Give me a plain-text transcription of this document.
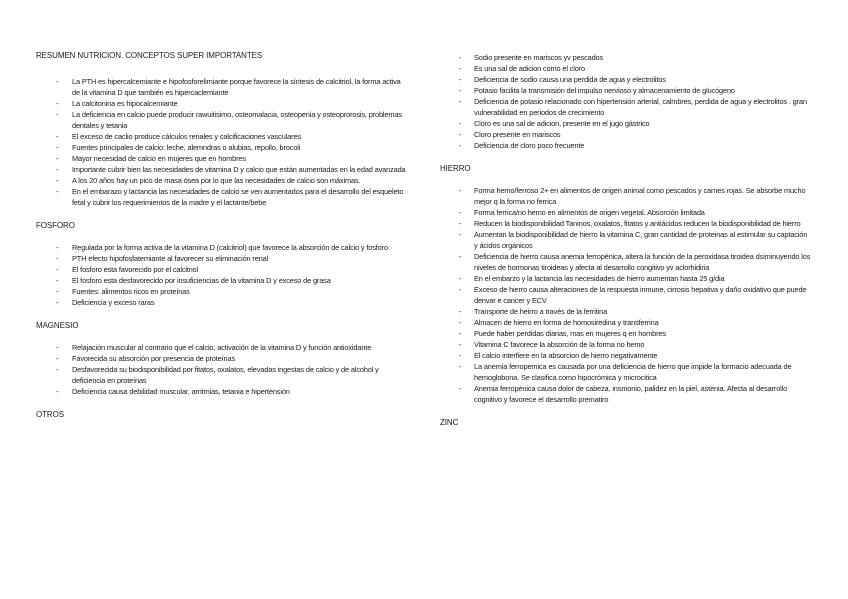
RESUMEN NUTRICION. CONCEPTOS SUPER IMPORTANTES

- La PTH es hipercalcemiante e hipofosforelimiante porque favorece la síntesis de calcitriol, la forma activa de la vitamina D que también es hipercaclemiante
- La calcitonina es hipocalcemiante
- La deficiencia en calcio puede producir rawuitisimo, osteomalacia, osteopenia y osteoprorosis, problemas dentales y tetania
- El exceso de caclio produce cálculos renales y calcificaciones vasculares
- Fuentes principales de calcio: leche, alemndras o alubias, repollo, brocoli
- Mayor necesidad de calcio en mujeres que en hombres
- Importante cubrir bien las necesidades de vitamina D y calcio que están aumentadas en la edad avanzada
- A los 20 años hay un pico de masa ósea por lo que las necesidades de calcio son máximas.
- En el embarazo y lactancia las necesidades de calcio se ven aumentados para el desarrollo del esqueleto fetal y cubrir los requerimientos de la madre y el lactante/bebe

FOSFORO

- Regulada por la forma activa de la vitamina D (calcitriol) que favorece la absorción de calcio y fosforo
- PTH efecto hipofosfatemiante al favorecer su eliminación renal
- El fosforo esta favorecido por el calcitriol
- El fosforo esta desfavorecido por insuficiencias de la vitamina D y exceso de grasa
- Fuentes: alimentos ricos en proteínas
- Deficiencia y exceso raras

MAGNESIO

- Relajación muscular al contrario que el calcio, activación de la vitamina D y función antioxidante
- Favorecida su absorción por presencia de proteínas
- Desfavorecida su biodisponibilidad por fitatos, oxalatos, elevadas ingestas de calcio y de alcohol y deficiencia en proteínas
- Deficiencia causa debilidad muscular, arritmias, tetania e hipertensión

OTROS

- Sodio presente en mariscos yv pescados
- Es una sal de adicion como el cloro
- Deficiencia de sodio causa una perdida de agua y electrolitos
- Potasio facilita la transmisión del impulso nervioso y almacenamiento de glucógeno
- Deficiencia de potasio relacionado con hipertensión arterial, calmbres, perdida de agua y electrolitos . gran vulnerabilidad en periodos de crecimiento
- Cloro es una sal de adicion, presente en el jugo gástrico
- Cloro presente en mariscos
- Deficiencia de cloro poco frecuente

HIERRO

- Forma hemo/ferroso 2+ en alimentos de origen animal como pescados y carnes rojas. Se absorbe mucho mejor q la forma no ferrica
- Forma ferrica/no hemo en alimentos de origen vegetal. Absorción limitada
- Reducen la biodisponibilidad Taninos, oxalatos, fitatos y antiácidos reducen la biodisponibilidad de hierro
- Aumentan la biodisponibilidad de hierro la vitamina C, gran cantidad de proteinas al estimular su captación y ácidos orgánicos
- Deficiencia de hierro causa anemia ferropénica, altera la función de la peroxidasa tiroidea dsiminuyendo los niveles de hormonas tiroideas y afecta al desarrollo congitivo yv aclorhidiria
- En el embarzo y la lactancia las necesidades de hierro aumentan hasta 25 g/dia
- Exceso de hierro causa alteraciones de la respuesta inmune, cirrosis hepativa y daño oxidativo que puede derivar e cancer y ECV
- Transporte de heirro a través de la ferritina
- Almacen de hierro en forma de homosiredina y transferrina
- Puede haber perdidas diarias, mas en mujeres q en hombres
- Vitamina C favorece la absorción de la forma no hemo
- El calcio interfiere en la absorcion de hierro negativamente
- La anemia ferropemica es causada por una deficiencia de hierro que impide la formacio adecuada de hemoglobona. Se clasifica como hipocrómica y microcitica
- Anemia ferropénica causa dolor de cabeza, insmonio, palidez en la piel, astenia. Afecta al desarrollo cognitivo y favorece el desarrollo prematiro

ZINC
